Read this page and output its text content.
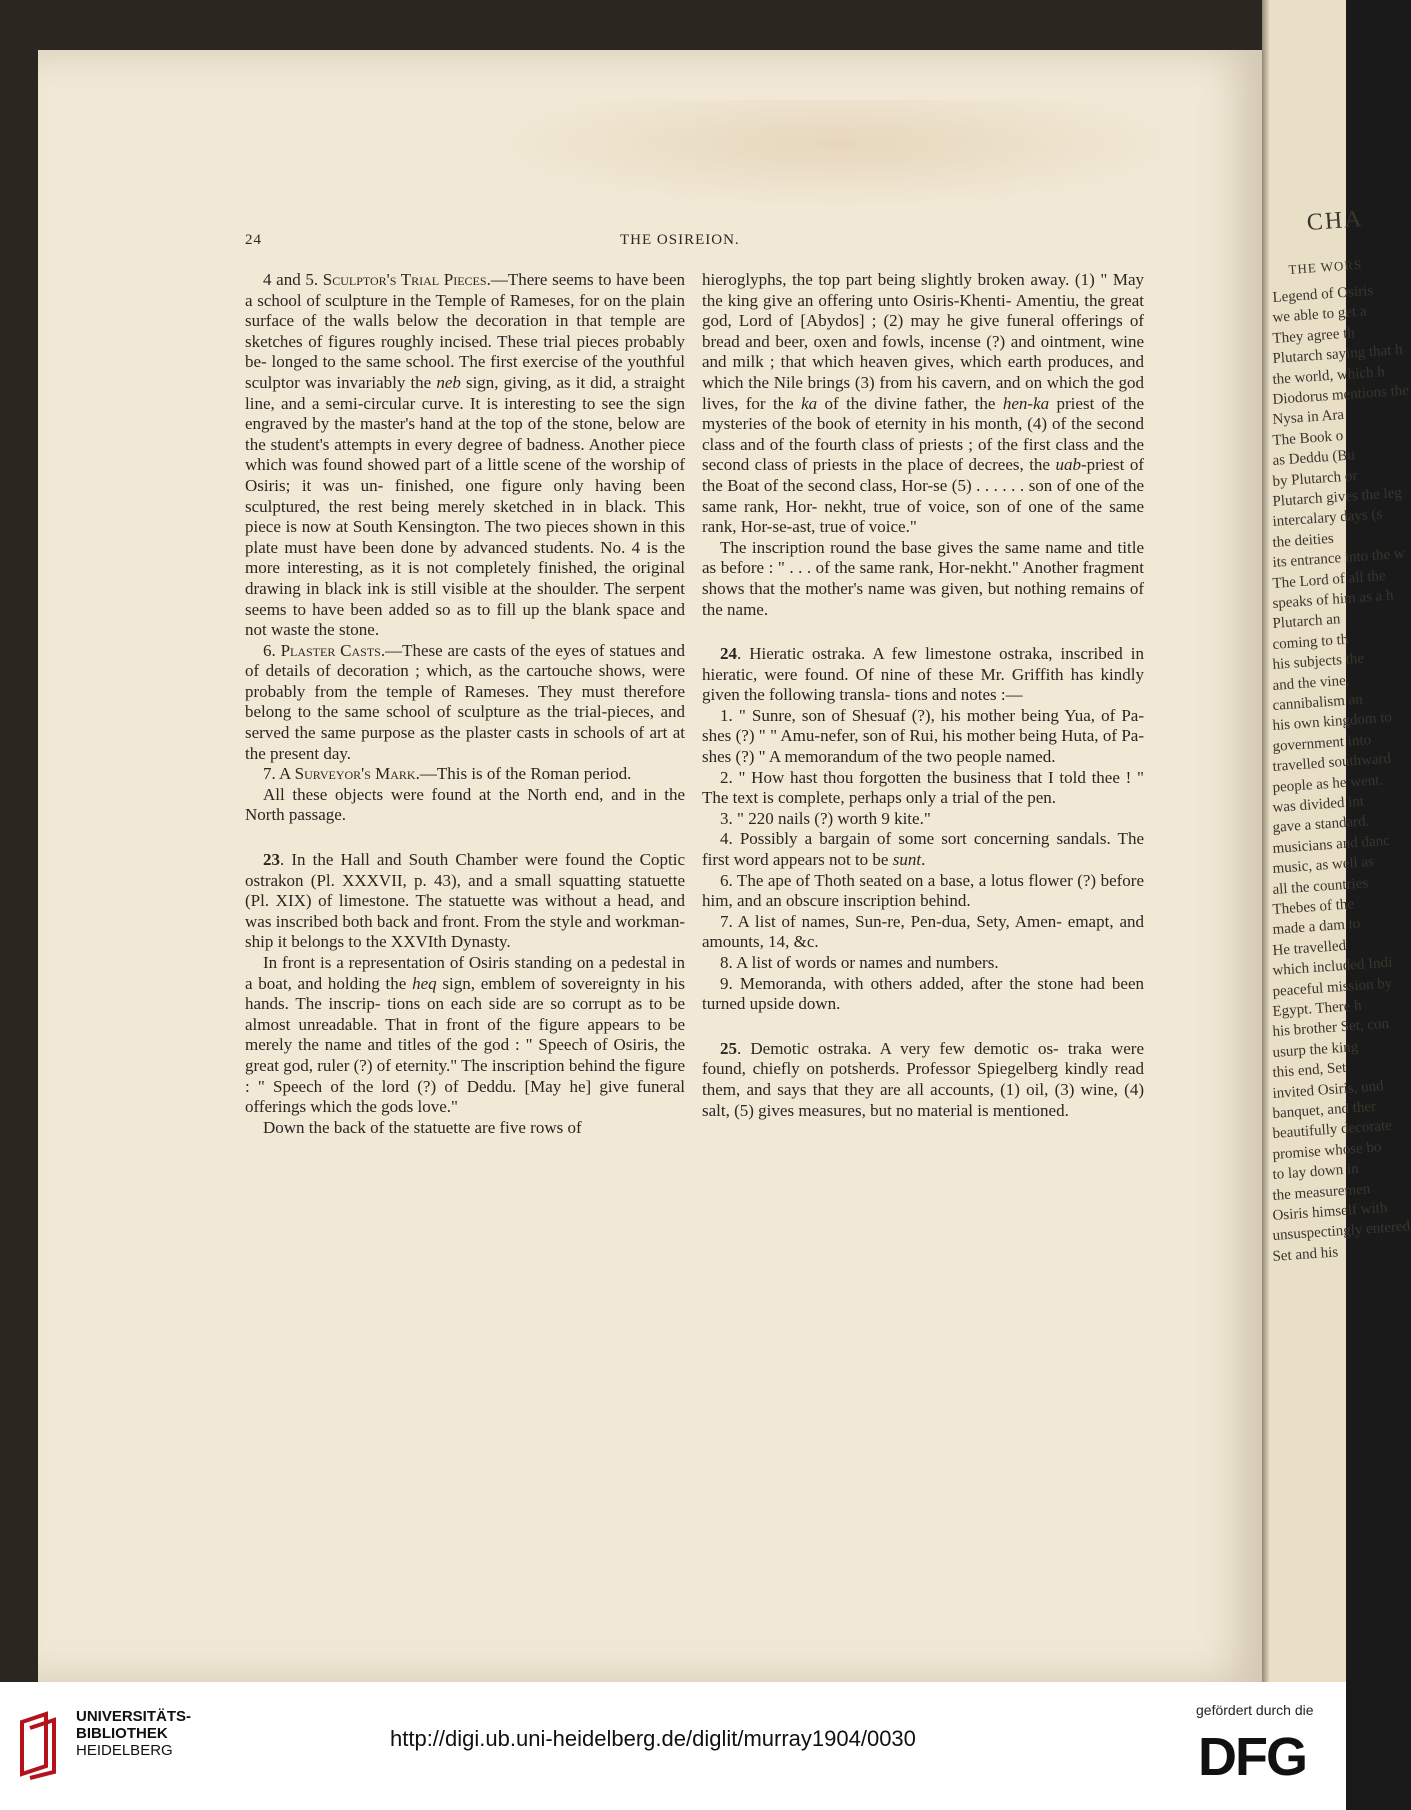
CHA
THE WORS
Legend of Osiris
we able to get a
They agree th
Plutarch saying that h
the world, which h
Diodorus mentions the
Nysa in Ara
The Book o
as Deddu (Bu
by Plutarch or
Plutarch gives the leg
intercalary days (s
the deities
its entrance into the w
The Lord of all the
speaks of him as a h
Plutarch an
coming to th
his subjects the
and the vine,
cannibalism an
his own kingdom to
government into
travelled southward
people as he went.
was divided int
gave a standard.
musicians and danc
music, as well as
all the countries
Thebes of the
made a dam to
He travelled
which included Indi
peaceful mission by
Egypt. There h
his brother Set, con
usurp the king
this end, Set
invited Osiris, und
banquet, and ther
beautifully decorate
promise whose bo
to lay down in
the measuremen
Osiris himself with
unsuspectingly entered
Set and his
24	THE OSIREION.

4 and 5. Sculptor's Trial Pieces.—There seems to have been a school of sculpture in the Temple of Rameses, for on the plain surface of the walls below the decoration in that temple are sketches of figures roughly incised. These trial pieces probably be- longed to the same school. The first exercise of the youthful sculptor was invariably the neb sign, giving, as it did, a straight line, and a semi-circular curve. It is interesting to see the sign engraved by the master's hand at the top of the stone, below are the student's attempts in every degree of badness. Another piece which was found showed part of a little scene of the worship of Osiris; it was un- finished, one figure only having been sculptured, the rest being merely sketched in in black. This piece is now at South Kensington. The two pieces shown in this plate must have been done by advanced students. No. 4 is the more interesting, as it is not completely finished, the original drawing in black ink is still visible at the shoulder. The serpent seems to have been added so as to fill up the blank space and not waste the stone.

6. Plaster Casts.—These are casts of the eyes of statues and of details of decoration ; which, as the cartouche shows, were probably from the temple of Rameses. They must therefore belong to the same school of sculpture as the trial-pieces, and served the same purpose as the plaster casts in schools of art at the present day.

7. A Surveyor's Mark.—This is of the Roman period.

All these objects were found at the North end, and in the North passage.

23. In the Hall and South Chamber were found the Coptic ostrakon (Pl. XXXVII, p. 43), and a small squatting statuette (Pl. XIX) of limestone. The statuette was without a head, and was inscribed both back and front. From the style and workman- ship it belongs to the XXVIth Dynasty.

In front is a representation of Osiris standing on a pedestal in a boat, and holding the heq sign, emblem of sovereignty in his hands. The inscrip- tions on each side are so corrupt as to be almost unreadable. That in front of the figure appears to be merely the name and titles of the god : " Speech of Osiris, the great god, ruler (?) of eternity." The inscription behind the figure : " Speech of the lord (?) of Deddu. [May he] give funeral offerings which the gods love."

Down the back of the statuette are five rows of

hieroglyphs, the top part being slightly broken away. (1) " May the king give an offering unto Osiris-Khenti- Amentiu, the great god, Lord of [Abydos] ; (2) may he give funeral offerings of bread and beer, oxen and fowls, incense (?) and ointment, wine and milk ; that which heaven gives, which earth produces, and which the Nile brings (3) from his cavern, and on which the god lives, for the ka of the divine father, the hen-ka priest of the mysteries of the book of eternity in his month, (4) of the second class and of the fourth class of priests ; of the first class and the second class of priests in the place of decrees, the uab-priest of the Boat of the second class, Hor-se (5) . . . . . . son of one of the same rank, Hor- nekht, true of voice, son of one of the same rank, Hor-se-ast, true of voice."

The inscription round the base gives the same name and title as before : " . . . of the same rank, Hor-nekht." Another fragment shows that the mother's name was given, but nothing remains of the name.

24. Hieratic ostraka. A few limestone ostraka, inscribed in hieratic, were found. Of nine of these Mr. Griffith has kindly given the following transla- tions and notes :—

1. " Sunre, son of Shesuaf (?), his mother being Yua, of Pa-shes (?) " " Amu-nefer, son of Rui, his mother being Huta, of Pa-shes (?) " A memorandum of the two people named.

2. " How hast thou forgotten the business that I told thee ! " The text is complete, perhaps only a trial of the pen.

3. " 220 nails (?) worth 9 kite."

4. Possibly a bargain of some sort concerning sandals. The first word appears not to be sunt.

6. The ape of Thoth seated on a base, a lotus flower (?) before him, and an obscure inscription behind.

7. A list of names, Sun-re, Pen-dua, Sety, Amen- emapt, and amounts, 14, &c.

8. A list of words or names and numbers.

9. Memoranda, with others added, after the stone had been turned upside down.

25. Demotic ostraka. A very few demotic os- traka were found, chiefly on potsherds. Professor Spiegelberg kindly read them, and says that they are all accounts, (1) oil, (3) wine, (4) salt, (5) gives measures, but no material is mentioned.

UNIVERSITÄTS-
BIBLIOTHEK
HEIDELBERG	http://digi.ub.uni-heidelberg.de/diglit/murray1904/0030
gefördert durch die
DFG
